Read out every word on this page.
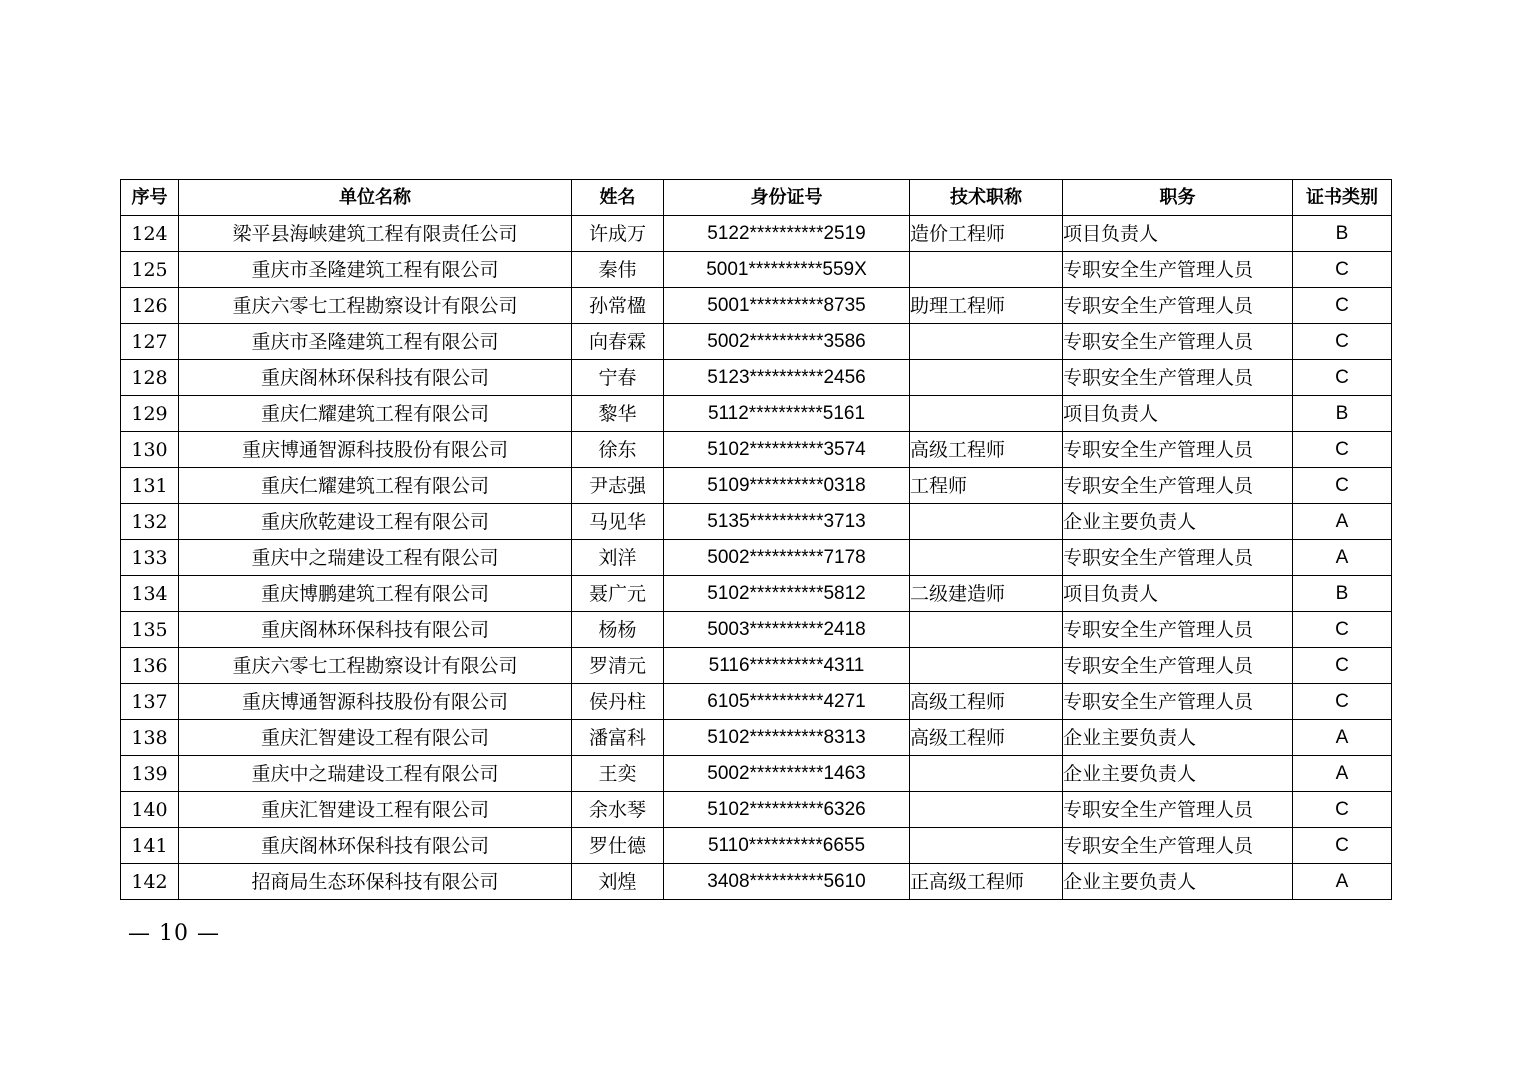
序号	单位名称	姓名	身份证号	技术职称	职务	证书类别
124	梁平县海峡建筑工程有限责任公司	许成万	5122**********2519	造价工程师	项目负责人	B
125	重庆市圣隆建筑工程有限公司	秦伟	5001**********559X		专职安全生产管理人员	C
126	重庆六零七工程勘察设计有限公司	孙常楹	5001**********8735	助理工程师	专职安全生产管理人员	C
127	重庆市圣隆建筑工程有限公司	向春霖	5002**********3586		专职安全生产管理人员	C
128	重庆阁林环保科技有限公司	宁春	5123**********2456		专职安全生产管理人员	C
129	重庆仁耀建筑工程有限公司	黎华	5112**********5161		项目负责人	B
130	重庆博通智源科技股份有限公司	徐东	5102**********3574	高级工程师	专职安全生产管理人员	C
131	重庆仁耀建筑工程有限公司	尹志强	5109**********0318	工程师	专职安全生产管理人员	C
132	重庆欣乾建设工程有限公司	马见华	5135**********3713		企业主要负责人	A
133	重庆中之瑞建设工程有限公司	刘洋	5002**********7178		专职安全生产管理人员	A
134	重庆博鹏建筑工程有限公司	聂广元	5102**********5812	二级建造师	项目负责人	B
135	重庆阁林环保科技有限公司	杨杨	5003**********2418		专职安全生产管理人员	C
136	重庆六零七工程勘察设计有限公司	罗清元	5116**********4311		专职安全生产管理人员	C
137	重庆博通智源科技股份有限公司	侯丹柱	6105**********4271	高级工程师	专职安全生产管理人员	C
138	重庆汇智建设工程有限公司	潘富科	5102**********8313	高级工程师	企业主要负责人	A
139	重庆中之瑞建设工程有限公司	王奕	5002**********1463		企业主要负责人	A
140	重庆汇智建设工程有限公司	余水琴	5102**********6326		专职安全生产管理人员	C
141	重庆阁林环保科技有限公司	罗仕德	5110**********6655		专职安全生产管理人员	C
142	招商局生态环保科技有限公司	刘煌	3408**********5610	正高级工程师	企业主要负责人	A
— 10 —
